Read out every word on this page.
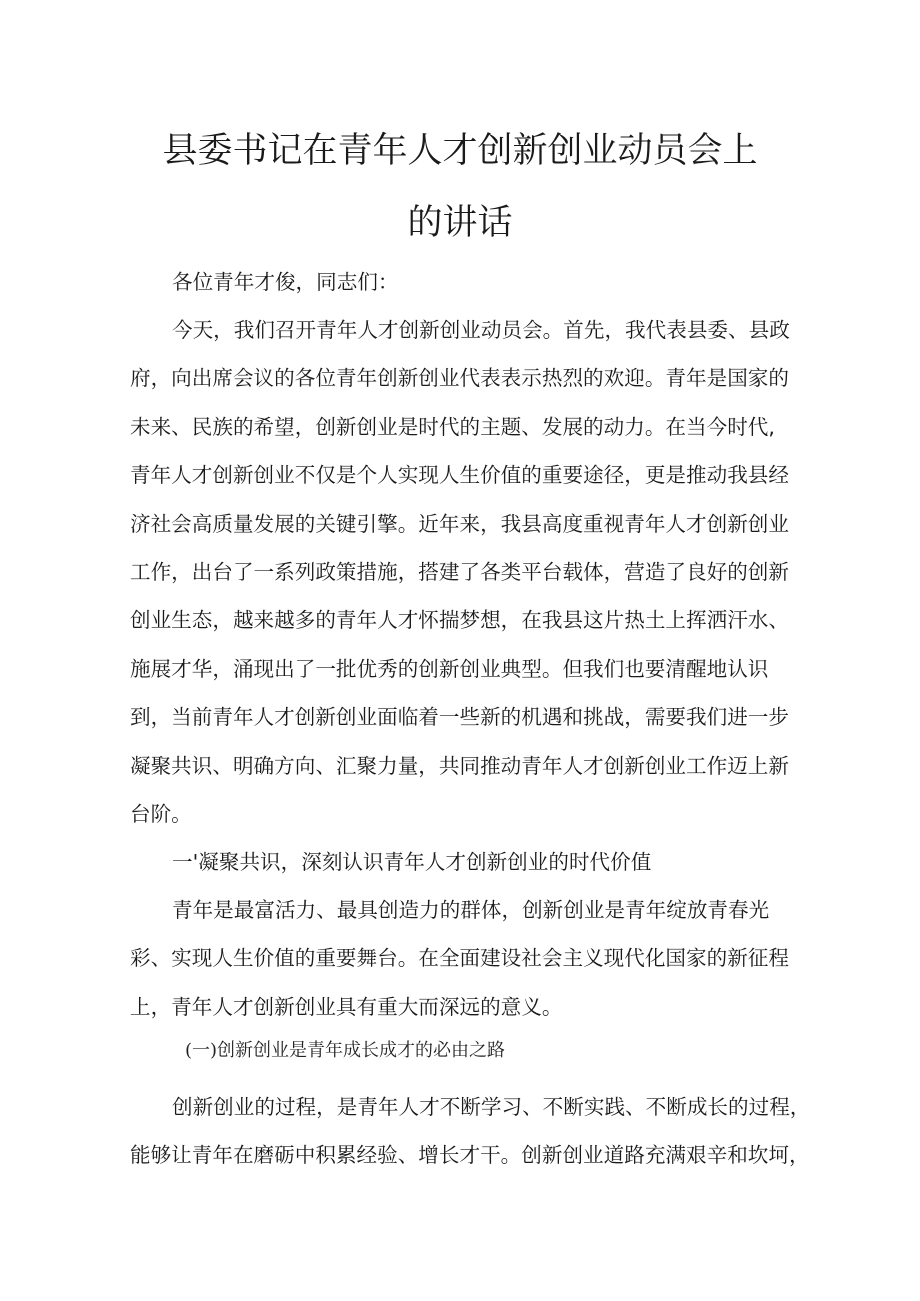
县委书记在青年人才创新创业动员会上
的讲话
各位青年才俊，同志们：
今天，我们召开青年人才创新创业动员会。首先，我代表县委、县政
府，向出席会议的各位青年创新创业代表表示热烈的欢迎。青年是国家的
未来、民族的希望，创新创业是时代的主题、发展的动力。在当今时代,
青年人才创新创业不仅是个人实现人生价值的重要途径，更是推动我县经
济社会高质量发展的关键引擎。近年来，我县高度重视青年人才创新创业
工作，出台了一系列政策措施，搭建了各类平台载体，营造了良好的创新
创业生态，越来越多的青年人才怀揣梦想，在我县这片热土上挥洒汗水、
施展才华，涌现出了一批优秀的创新创业典型。但我们也要清醒地认识
到，当前青年人才创新创业面临着一些新的机遇和挑战，需要我们进一步
凝聚共识、明确方向、汇聚力量，共同推动青年人才创新创业工作迈上新
台阶。
一'凝聚共识，深刻认识青年人才创新创业的时代价值
青年是最富活力、最具创造力的群体，创新创业是青年绽放青春光
彩、实现人生价值的重要舞台。在全面建设社会主义现代化国家的新征程
上，青年人才创新创业具有重大而深远的意义。
(一)创新创业是青年成长成才的必由之路
创新创业的过程，是青年人才不断学习、不断实践、不断成长的过程，
能够让青年在磨砺中积累经验、增长才干。创新创业道路充满艰辛和坎坷，
